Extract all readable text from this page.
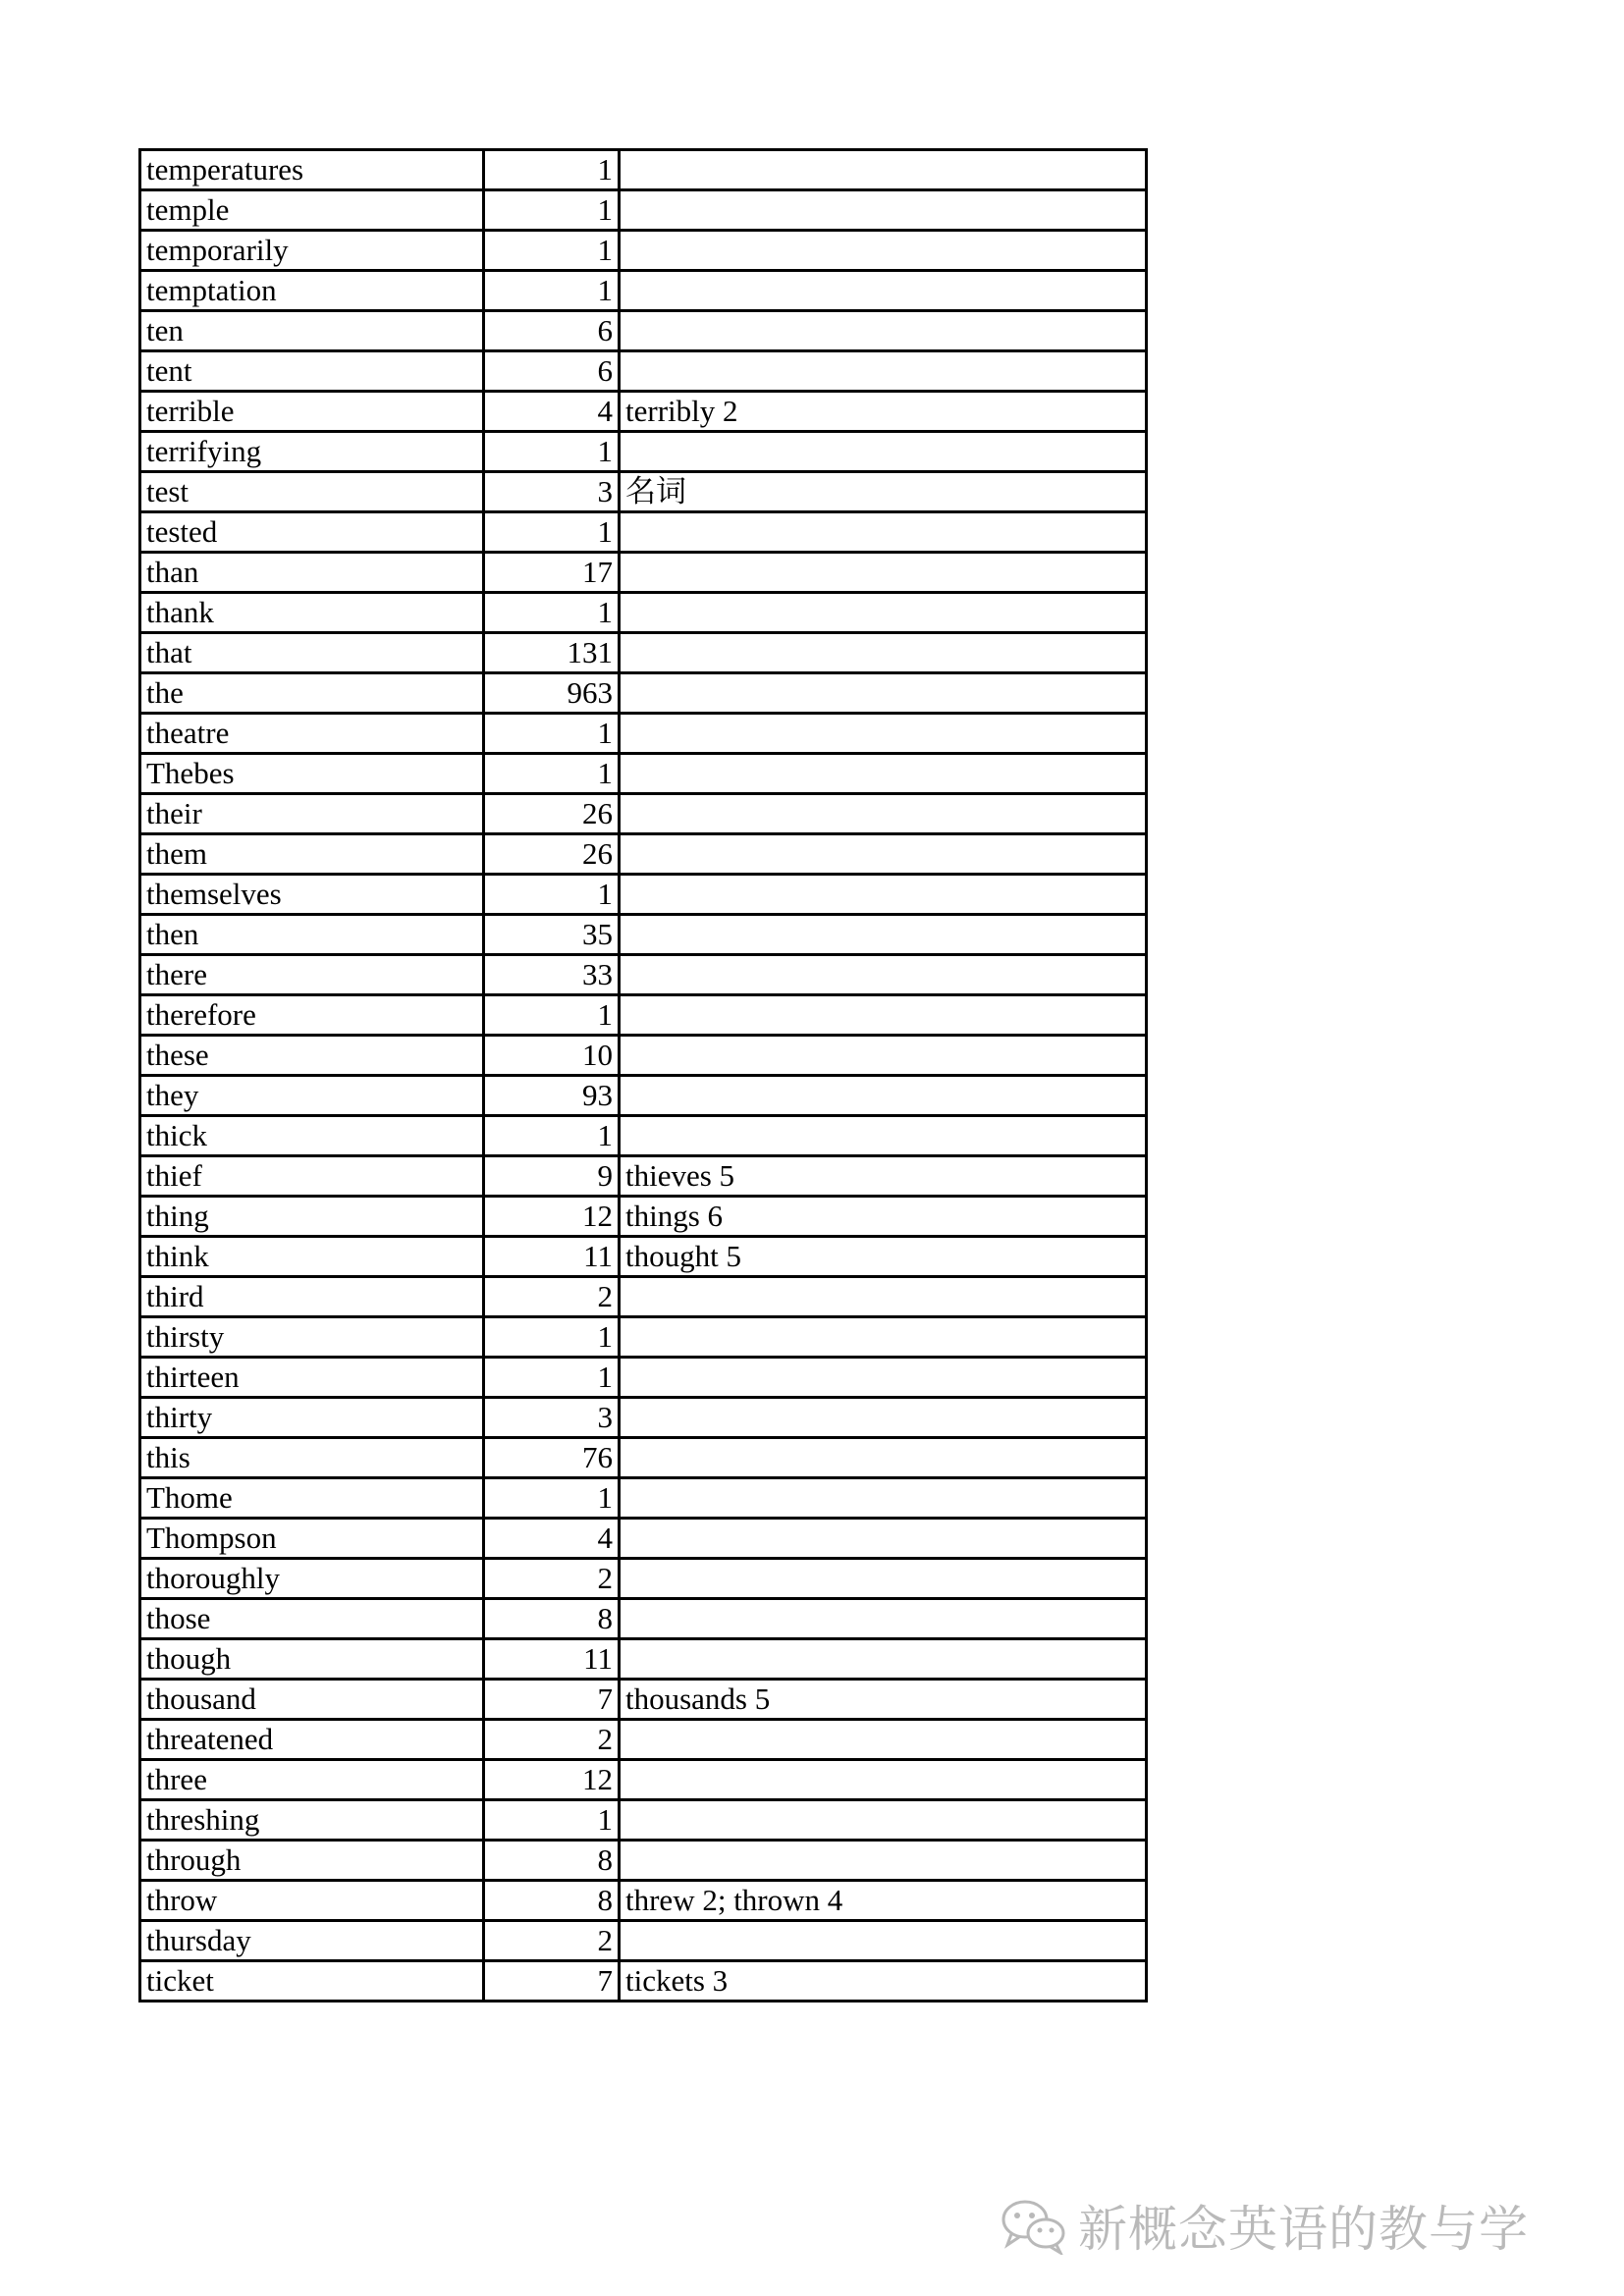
temperatures	1	
temple	1	
temporarily	1	
temptation	1	
ten	6	
tent	6	
terrible	4	terribly 2
terrifying	1	
test	3	名词
tested	1	
than	17	
thank	1	
that	131	
the	963	
theatre	1	
Thebes	1	
their	26	
them	26	
themselves	1	
then	35	
there	33	
therefore	1	
these	10	
they	93	
thick	1	
thief	9	thieves 5
thing	12	things 6
think	11	thought 5
third	2	
thirsty	1	
thirteen	1	
thirty	3	
this	76	
Thome	1	
Thompson	4	
thoroughly	2	
those	8	
though	11	
thousand	7	thousands 5
threatened	2	
three	12	
threshing	1	
through	8	
throw	8	threw 2; thrown 4
thursday	2	
ticket	7	tickets 3
新概念英语的教与学
